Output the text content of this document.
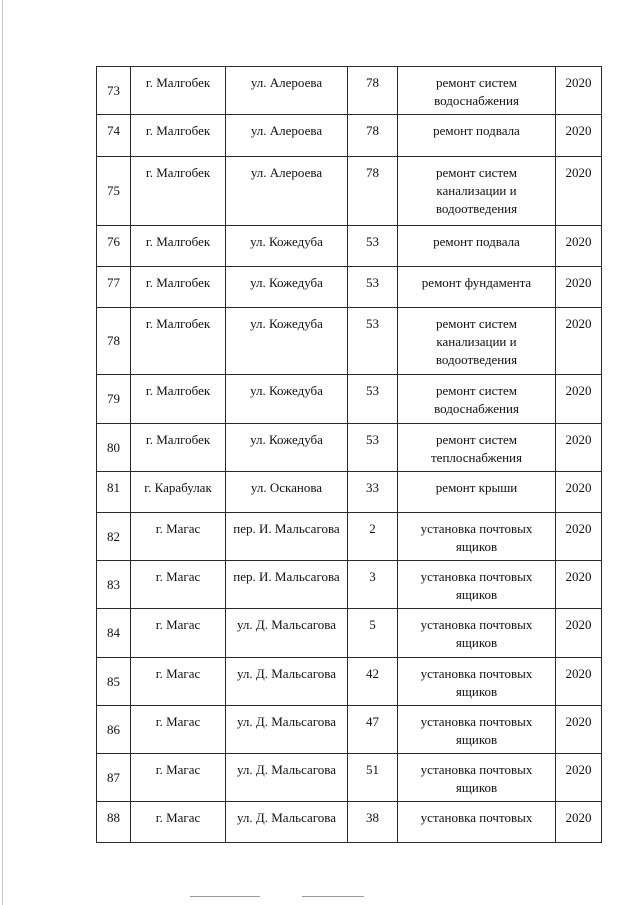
73	г. Малгобек	ул. Алероева	78	ремонт систем водоснабжения	2020
74	г. Малгобек	ул. Алероева	78	ремонт подвала	2020
75	г. Малгобек	ул. Алероева	78	ремонт систем канализации и водоотведения	2020
76	г. Малгобек	ул. Кожедуба	53	ремонт подвала	2020
77	г. Малгобек	ул. Кожедуба	53	ремонт фундамента	2020
78	г. Малгобек	ул. Кожедуба	53	ремонт систем канализации и водоотведения	2020
79	г. Малгобек	ул. Кожедуба	53	ремонт систем водоснабжения	2020
80	г. Малгобек	ул. Кожедуба	53	ремонт систем теплоснабжения	2020
81	г. Карабулак	ул. Осканова	33	ремонт крыши	2020
82	г. Магас	пер. И. Мальсагова	2	установка почтовых ящиков	2020
83	г. Магас	пер. И. Мальсагова	3	установка почтовых ящиков	2020
84	г. Магас	ул. Д. Мальсагова	5	установка почтовых ящиков	2020
85	г. Магас	ул. Д. Мальсагова	42	установка почтовых ящиков	2020
86	г. Магас	ул. Д. Мальсагова	47	установка почтовых ящиков	2020
87	г. Магас	ул. Д. Мальсагова	51	установка почтовых ящиков	2020
88	г. Магас	ул. Д. Мальсагова	38	установка почтовых	2020
